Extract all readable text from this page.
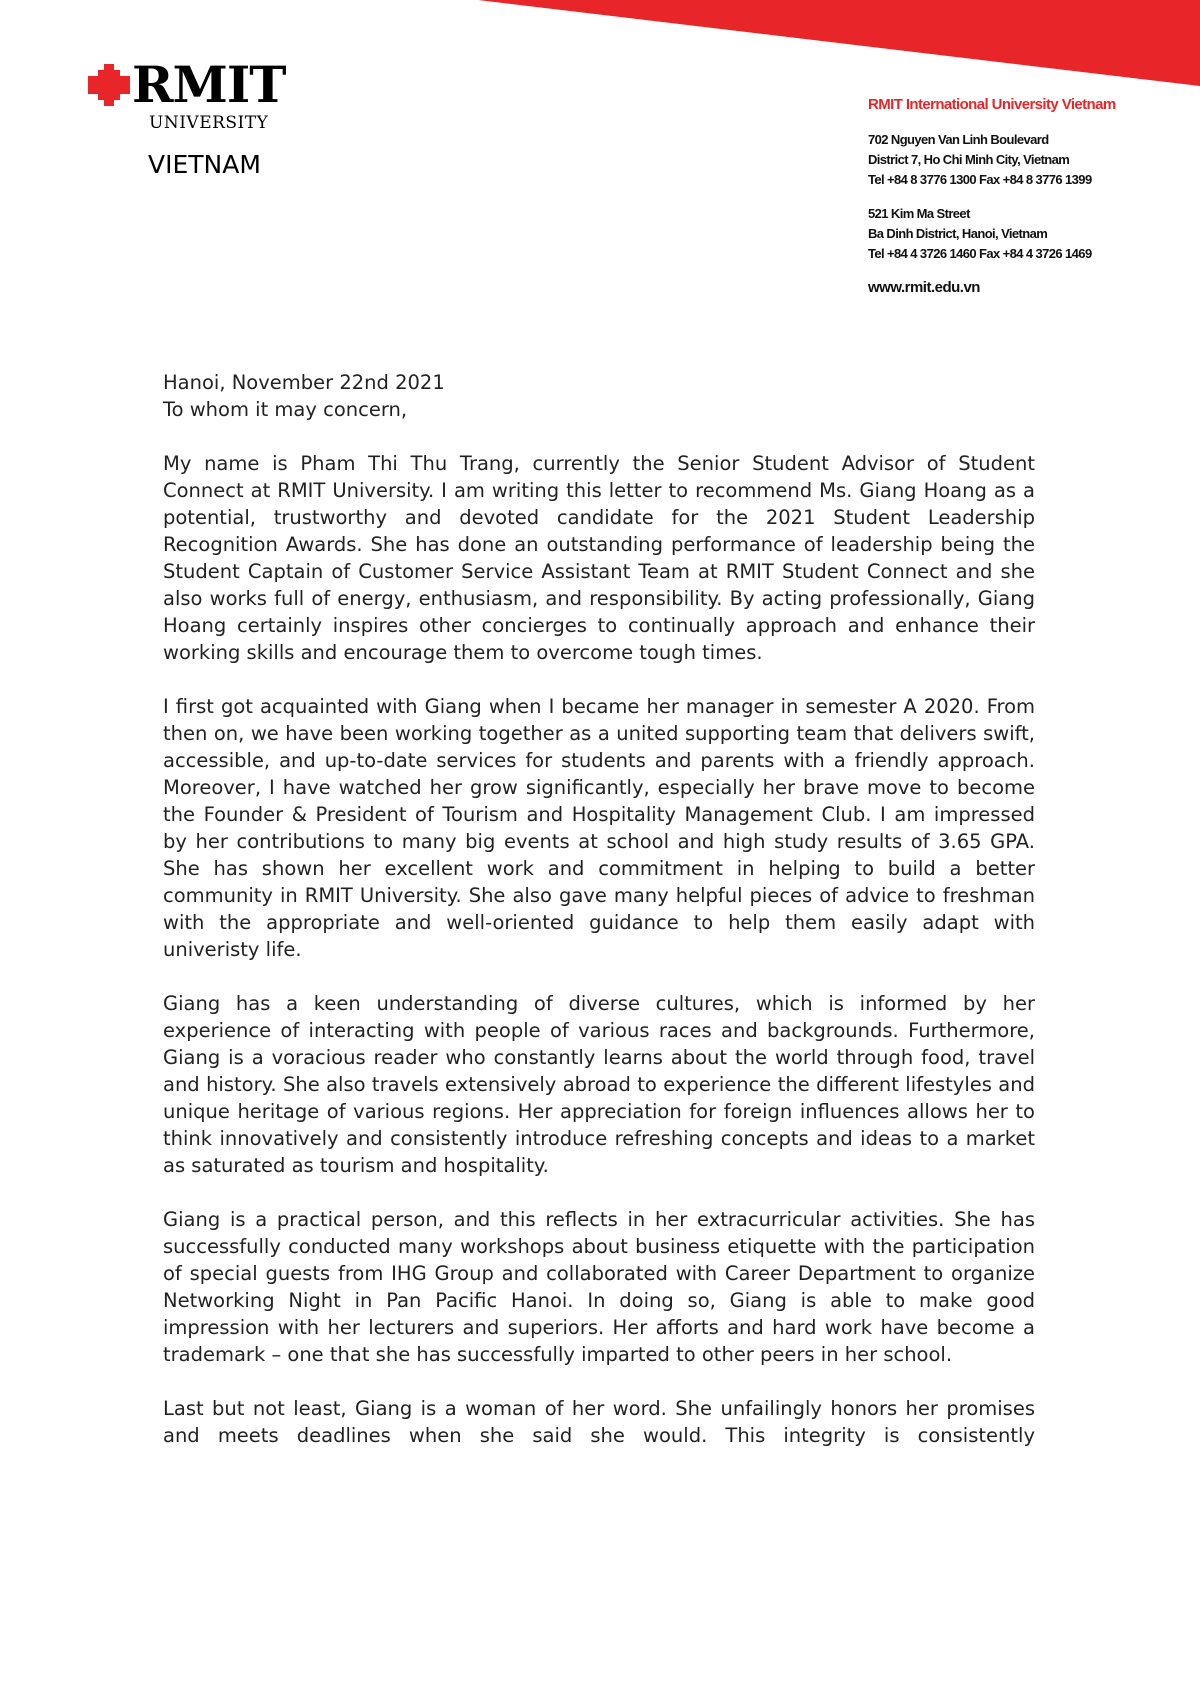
RMIT
UNIVERSITY
VIETNAM
RMIT International University Vietnam
702 Nguyen Van Linh Boulevard
District 7, Ho Chi Minh City, Vietnam
Tel +84 8 3776 1300 Fax +84 8 3776 1399
521 Kim Ma Street
Ba Dinh District, Hanoi, Vietnam
Tel +84 4 3726 1460 Fax +84 4 3726 1469
www.rmit.edu.vn
Hanoi, November 22nd 2021
To whom it may concern,

My name is Pham Thi Thu Trang, currently the Senior Student Advisor of Student Connect at RMIT University. I am writing this letter to recommend Ms. Giang Hoang as a potential, trustworthy and devoted candidate for the 2021 Student Leadership Recognition Awards. She has done an outstanding performance of leadership being the Student Captain of Customer Service Assistant Team at RMIT Student Connect and she also works full of energy, enthusiasm, and responsibility. By acting professionally, Giang Hoang certainly inspires other concierges to continually approach and enhance their working skills and encourage them to overcome tough times.

I first got acquainted with Giang when I became her manager in semester A 2020. From then on, we have been working together as a united supporting team that delivers swift, accessible, and up-to-date services for students and parents with a friendly approach. Moreover, I have watched her grow significantly, especially her brave move to become the Founder & President of Tourism and Hospitality Management Club. I am impressed by her contributions to many big events at school and high study results of 3.65 GPA. She has shown her excellent work and commitment in helping to build a better community in RMIT University. She also gave many helpful pieces of advice to freshman with the appropriate and well-oriented guidance to help them easily adapt with univeristy life.

Giang has a keen understanding of diverse cultures, which is informed by her experience of interacting with people of various races and backgrounds. Furthermore, Giang is a voracious reader who constantly learns about the world through food, travel and history. She also travels extensively abroad to experience the different lifestyles and unique heritage of various regions. Her appreciation for foreign influences allows her to think innovatively and consistently introduce refreshing concepts and ideas to a market as saturated as tourism and hospitality.

Giang is a practical person, and this reflects in her extracurricular activities. She has successfully conducted many workshops about business etiquette with the participation of special guests from IHG Group and collaborated with Career Department to organize Networking Night in Pan Pacific Hanoi. In doing so, Giang is able to make good impression with her lecturers and superiors. Her afforts and hard work have become a trademark – one that she has successfully imparted to other peers in her school.

Last but not least, Giang is a woman of her word. She unfailingly honors her promises and meets deadlines when she said she would. This integrity is consistently
